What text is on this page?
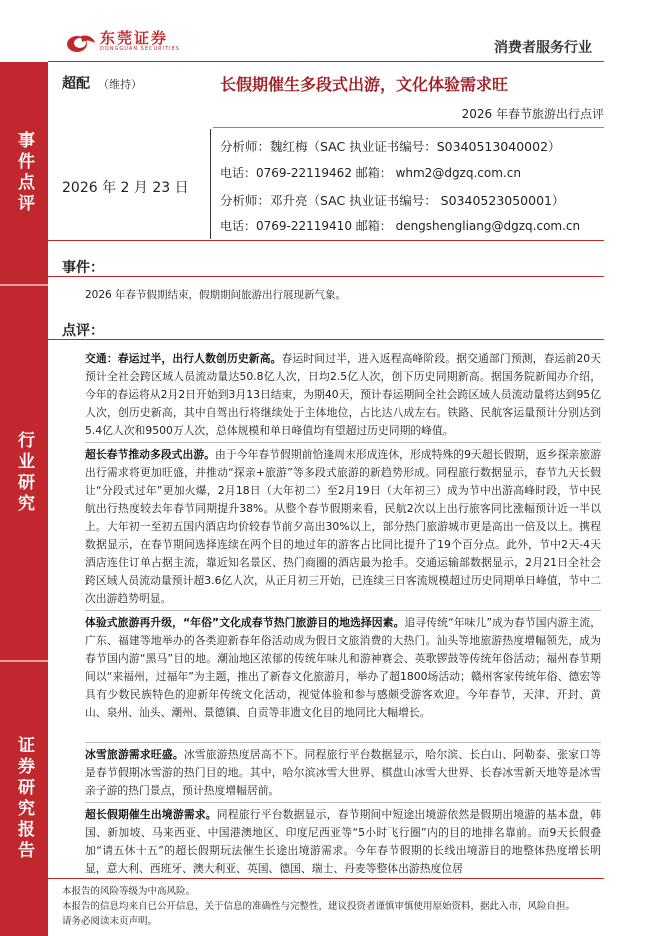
事件点评
行业研究
证券研究报告
东莞证券
DONGGUAN SECURITIES	消费者服务行业
超配 （维持）	长假期催生多段式出游，文化体验需求旺
2026 年春节旅游出行点评
2026 年 2 月 23 日
分析师：魏红梅（SAC 执业证书编号：S0340513040002）
电话：0769-22119462 邮箱： whm2@dgzq.com.cn
分析师：邓升亮（SAC 执业证书编号： S0340523050001）
电话：0769-22119410 邮箱： dengshengliang@dgzq.com.cn
事件：
2026 年春节假期结束，假期期间旅游出行展现新气象。
点评：
交通：春运过半，出行人数创历史新高。春运时间过半，进入返程高峰阶段。据交通部门预测，春运前20天预计全社会跨区域人员流动量达50.8亿人次，日均2.5亿人次，创下历史同期新高。据国务院新闻办介绍，今年的春运将从2月2日开始到3月13日结束，为期40天，预计春运期间全社会跨区域人员流动量将达到95亿人次，创历史新高，其中自驾出行将继续处于主体地位，占比达八成左右。铁路、民航客运量预计分别达到5.4亿人次和9500万人次，总体规模和单日峰值均有望超过历史同期的峰值。
超长春节推动多段式出游。由于今年春节假期前恰逢周末形成连休，形成特殊的9天超长假期，返乡探亲旅游出行需求将更加旺盛，并推动“探亲+旅游”等多段式旅游的新趋势形成。同程旅行数据显示，春节九天长假让“分段式过年”更加火爆，2月18日（大年初二）至2月19日（大年初三）成为节中出游高峰时段，节中民航出行热度较去年春节同期提升38%。从整个春节假期来看，民航2次以上出行旅客同比涨幅预计近一半以上。大年初一至初五国内酒店均价较春节前夕高出30%以上，部分热门旅游城市更是高出一倍及以上。携程数据显示，在春节期间选择连续在两个目的地过年的游客占比同比提升了19个百分点。此外，节中2天-4天酒店连住订单占据主流，靠近知名景区、热门商圈的酒店最为抢手。交通运输部数据显示，2月21日全社会跨区域人员流动量预计超3.6亿人次，从正月初三开始，已连续三日客流规模超过历史同期单日峰值，节中二次出游趋势明显。
体验式旅游再升级，“年俗”文化成春节热门旅游目的地选择因素。追寻传统“年味儿”成为春节国内游主流，广东、福建等地举办的各类迎新春年俗活动成为假日文旅消费的大热门。汕头等地旅游热度增幅领先，成为春节国内游“黑马”目的地。潮汕地区浓郁的传统年味儿和游神赛会、英歌锣鼓等传统年俗活动；福州春节期间以“来福州，过福年”为主题，推出了新春文化旅游月，举办了超1800场活动；赣州客家传统年俗、德宏等具有少数民族特色的迎新年传统文化活动，视觉体验和参与感颇受游客欢迎。今年春节，天津、开封、黄山、泉州、汕头、潮州、景德镇、自贡等非遗文化目的地同比大幅增长。
冰雪旅游需求旺盛。冰雪旅游热度居高不下。同程旅行平台数据显示，哈尔滨、长白山、阿勒泰、张家口等是春节假期冰雪游的热门目的地。其中，哈尔滨冰雪大世界、棋盘山冰雪大世界、长春冰雪新天地等是冰雪亲子游的热门景点，预计热度增幅居前。
超长假期催生出境游需求。同程旅行平台数据显示，春节期间中短途出境游依然是假期出境游的基本盘，韩国、新加坡、马来西亚、中国港澳地区、印度尼西亚等“5小时飞行圈”内的目的地排名靠前。而9天长假叠加“请五休十五”的超长假期玩法催生长途出境游需求。今年春节假期的长线出境游目的地整体热度增长明显，意大利、西班牙、澳大利亚、英国、德国、瑞士、丹麦等整体出游热度位居
本报告的风险等级为中高风险。
本报告的信息均来自已公开信息，关于信息的准确性与完整性，建议投资者谨慎审慎使用原始资料，据此入市，风险自担。
请务必阅读末页声明。
